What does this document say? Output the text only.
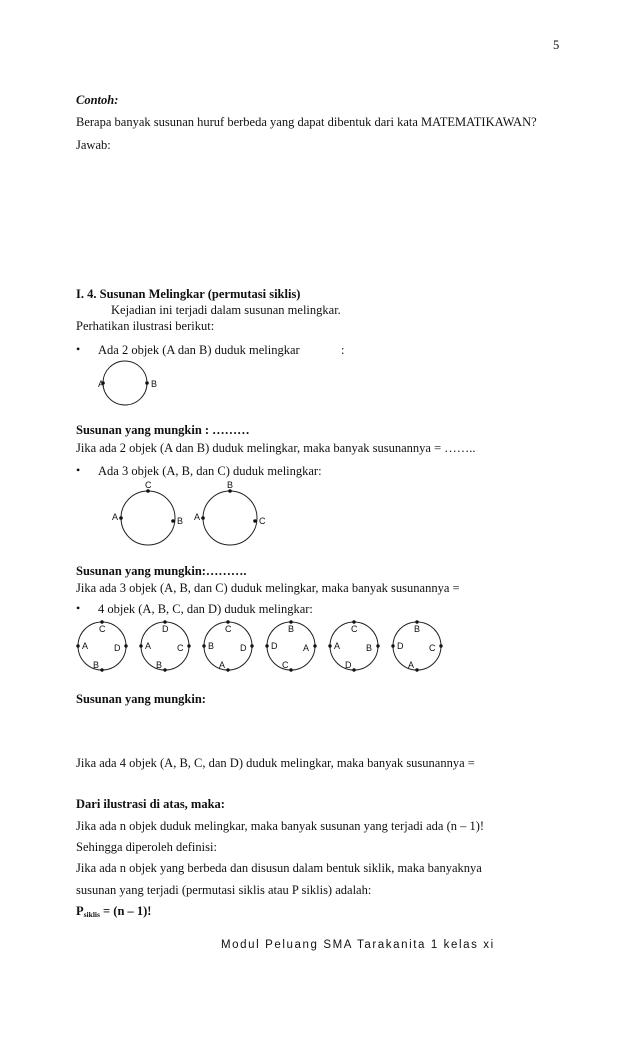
5
Contoh:
Berapa banyak susunan huruf berbeda yang dapat dibentuk dari kata MATEMATIKAWAN?
Jawab:
I. 4. Susunan Melingkar (permutasi siklis)
Kejadian ini terjadi dalam susunan melingkar.
Perhatikan ilustrasi berikut:
• Ada 2 objek (A dan B) duduk melingkar	:
A	B
Susunan yang mungkin : ………
Jika ada 2 objek (A dan B) duduk melingkar, maka banyak susunannya = ……..
• Ada 3 objek (A, B, dan C) duduk melingkar:
C
A	B
B
A	C
Susunan yang mungkin:……….
Jika ada 3 objek (A, B, dan C) duduk melingkar, maka banyak susunannya =
• 4 objek (A, B, C, dan D) duduk melingkar:
C
A	D
B
D
A	C
B
C
B	D
A
B
D	A
C
C
A	B
D
B
D	C
A
Susunan yang mungkin:
Jika ada 4 objek (A, B, C, dan D) duduk melingkar, maka banyak susunannya =
Dari ilustrasi di atas, maka:
Jika ada n objek duduk melingkar, maka banyak susunan yang terjadi ada (n – 1)!
Sehingga diperoleh definisi:
Jika ada n objek yang berbeda dan disusun dalam bentuk siklik, maka banyaknya
susunan yang terjadi (permutasi siklis atau P siklis) adalah:
$P_{siklis} = (n - 1)$!
Modul Peluang SMA Tarakanita 1 kelas xi
